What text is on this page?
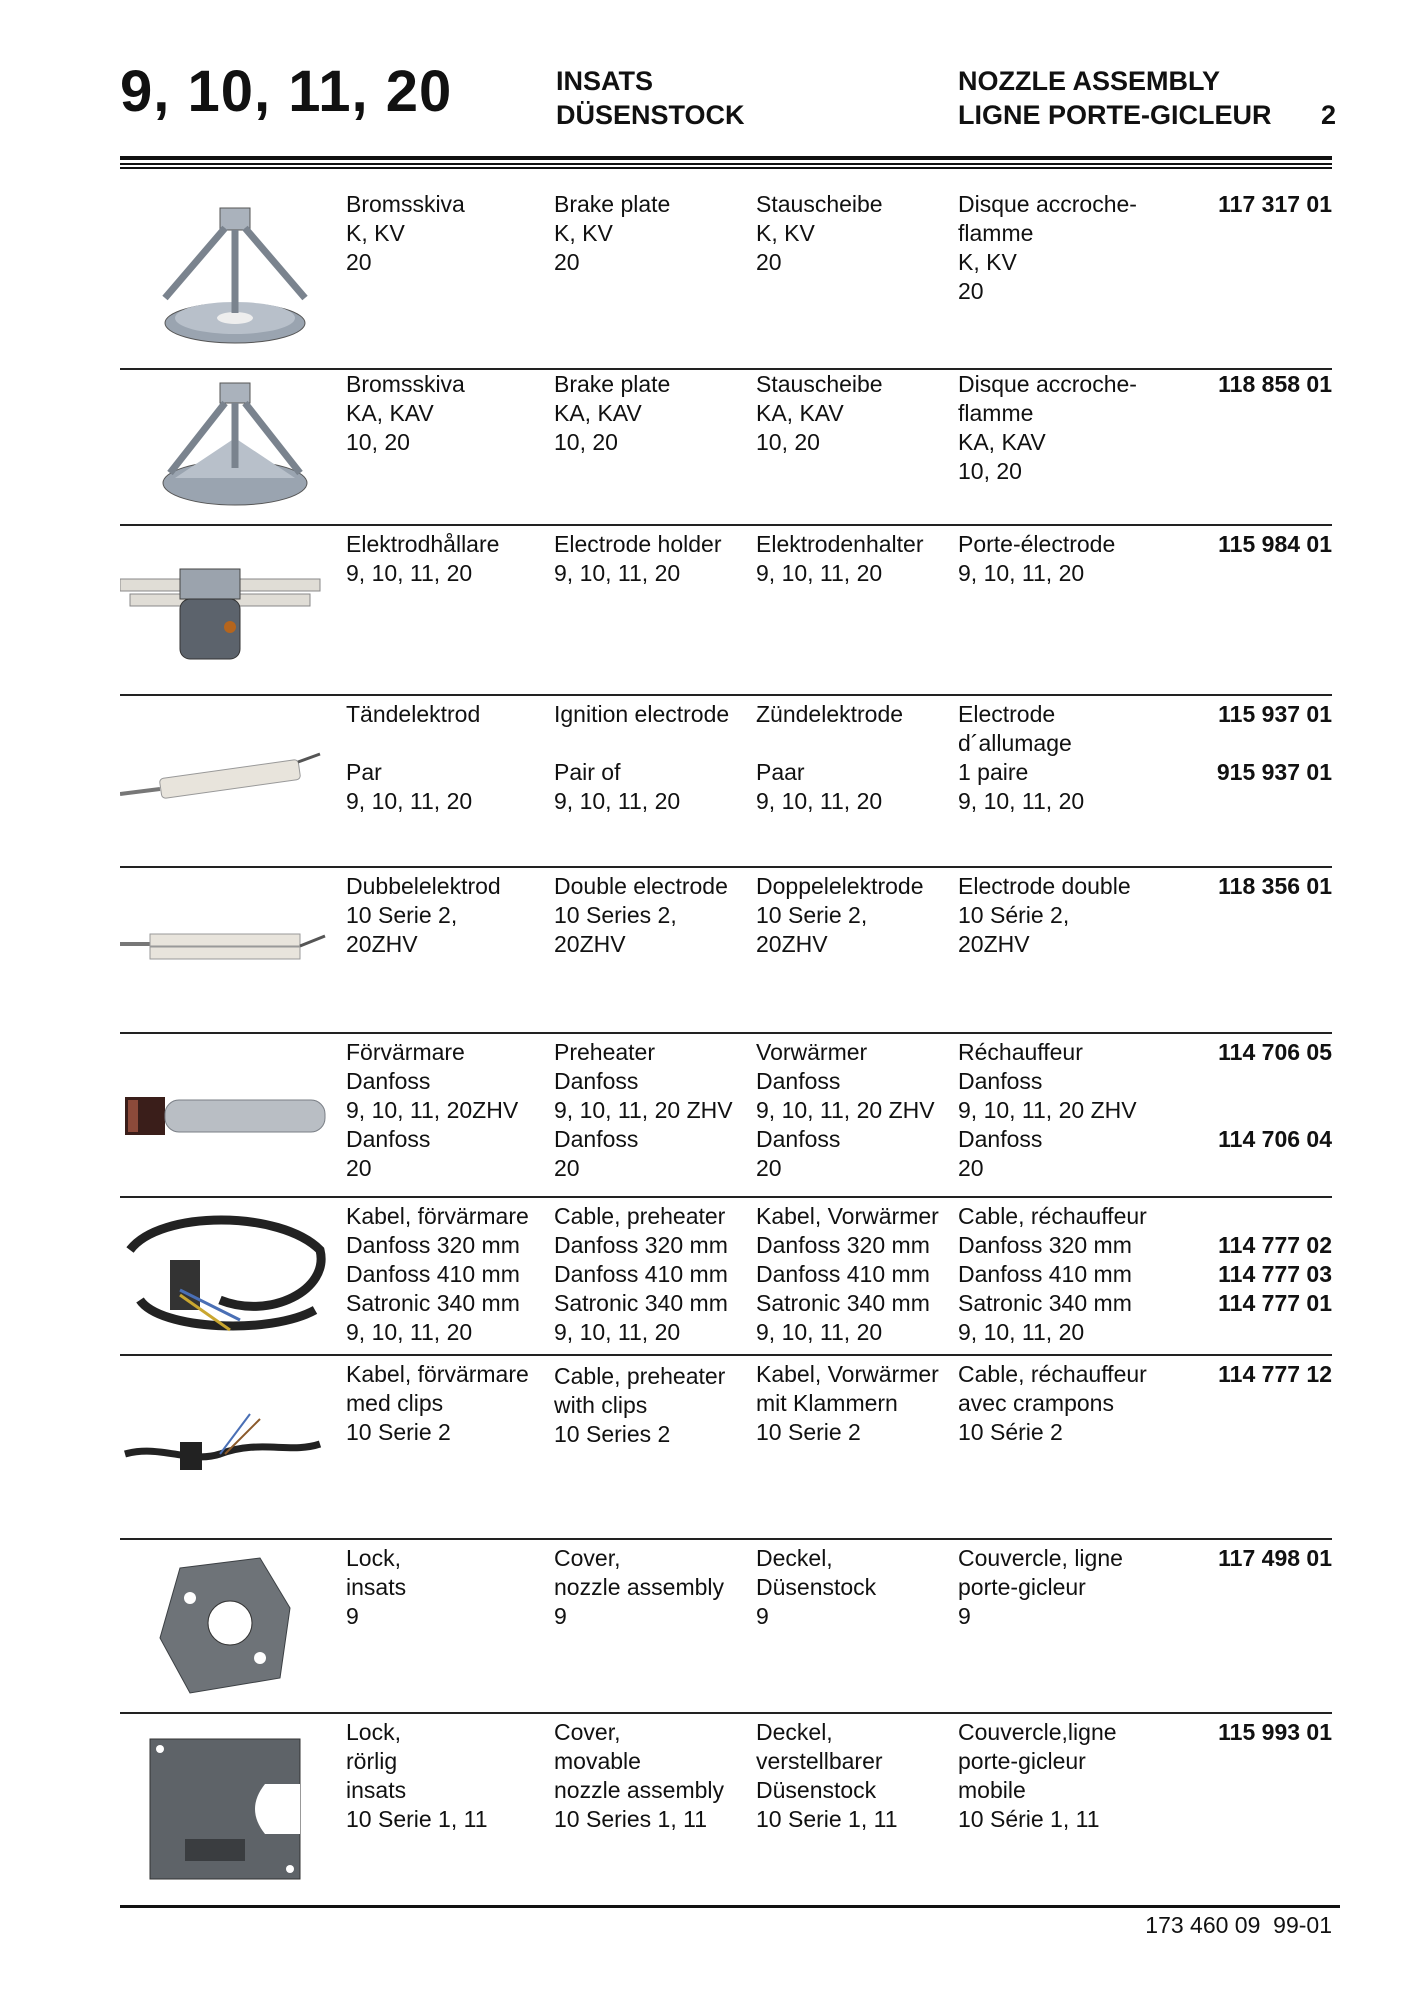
9, 10, 11, 20	INSATS
DÜSENSTOCK
NOZZLE ASSEMBLY
LIGNE PORTE-GICLEUR	2
Bromsskiva
K, KV
20
Brake plate
K, KV
20
Stauscheibe
K, KV
20
Disque accroche-
flamme
K, KV
20
117 317 01
Bromsskiva
KA, KAV
10, 20
Brake plate
KA, KAV
10, 20
Stauscheibe
KA, KAV
10, 20
Disque accroche-
flamme
KA, KAV
10, 20
118 858 01
Elektrodhållare
9, 10, 11, 20
Electrode holder
9, 10, 11, 20
Elektrodenhalter
9, 10, 11, 20
Porte-électrode
9, 10, 11, 20
115 984 01
Tändelektrod

Par
9, 10, 11, 20
Ignition electrode

Pair of
9, 10, 11, 20
Zündelektrode

Paar
9, 10, 11, 20
Electrode
d´allumage
1 paire
9, 10, 11, 20
115 937 01

915 937 01
Dubbelelektrod
10 Serie 2,
20ZHV
Double electrode
10 Series 2,
20ZHV
Doppelelektrode
10 Serie 2,
20ZHV
Electrode double
10 Série 2,
20ZHV
118 356 01
Förvärmare
Danfoss
9, 10, 11, 20ZHV
Danfoss
20
Preheater
Danfoss
9, 10, 11, 20 ZHV
Danfoss
20
Vorwärmer
Danfoss
9, 10, 11, 20 ZHV
Danfoss
20
Réchauffeur
Danfoss
9, 10, 11, 20 ZHV
Danfoss
20
114 706 05

114 706 04
Kabel, förvärmare
Danfoss 320 mm
Danfoss 410 mm
Satronic 340 mm
9, 10, 11, 20
Cable, preheater
Danfoss 320 mm
Danfoss 410 mm
Satronic 340 mm
9, 10, 11, 20
Kabel, Vorwärmer
Danfoss 320 mm
Danfoss 410 mm
Satronic 340 mm
9, 10, 11, 20
Cable, réchauffeur
Danfoss 320 mm
Danfoss 410 mm
Satronic 340 mm
9, 10, 11, 20

114 777 02
114 777 03
114 777 01
Kabel, förvärmare
med clips
10 Serie 2
Cable, preheater
with clips
10 Series 2
Kabel, Vorwärmer
mit Klammern
10 Serie 2
Cable, réchauffeur
avec crampons
10 Série 2
114 777 12
Lock,
insats
9
Cover,
nozzle assembly
9
Deckel,
Düsenstock
9
Couvercle, ligne
porte-gicleur
9
117 498 01
Lock,
rörlig
insats
10 Serie 1, 11
Cover,
movable
nozzle assembly
10 Series 1, 11
Deckel,
verstellbarer
Düsenstock
10 Serie 1, 11
Couvercle,ligne
porte-gicleur
mobile
10 Série 1, 11
115 993 01
173 460 09  99-01
